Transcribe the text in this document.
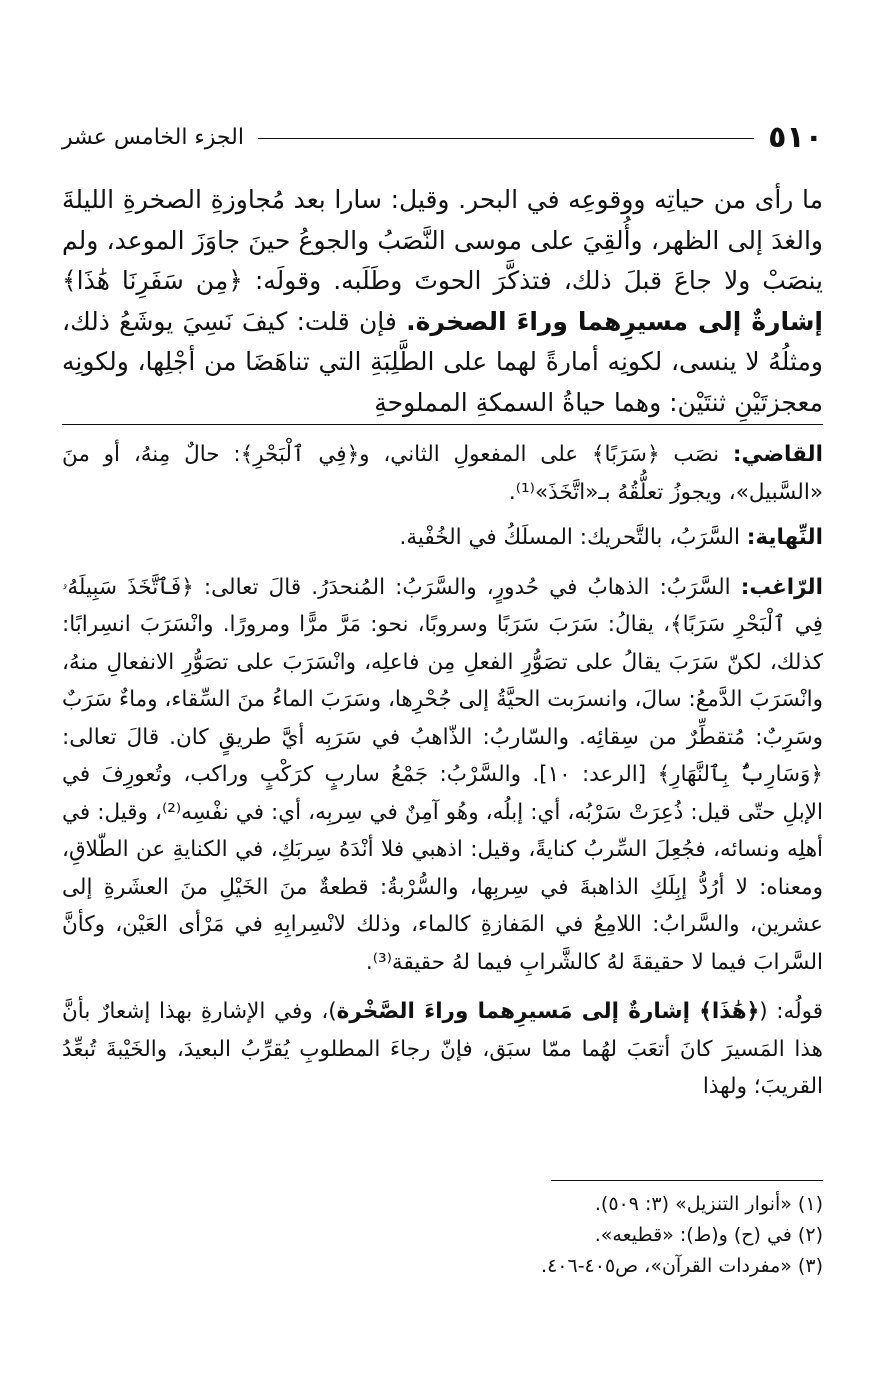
٥١٠
الجزء الخامس عشر
ما رأى من حياتِه ووقوعِه في البحر. وقيل: سارا بعد مُجاوزةِ الصخرةِ الليلةَ والغدَ إلى الظهر، وأُلقِيَ على موسى النَّصَبُ والجوعُ حينَ جاوَزَ الموعد، ولم ينصَبْ ولا جاعَ قبلَ ذلك، فتذكَّرَ الحوتَ وطَلَبه. وقولَه: ﴿مِن سَفَرِنَا هَٰذَا﴾ إشارةٌ إلى مسيرِهما وراءَ الصخرة. فإن قلت: كيفَ نَسِيَ يوشَعُ ذلك، ومثلُهُ لا ينسى، لكونِه أمارةً لهما على الطَّلِبَةِ التي تناهَضَا من أجْلِها، ولكونِه معجزتَيْنِ ثنتَيْن: وهما حياةُ السمكةِ المملوحةِ

القاضي: نصَب ﴿سَرَبًا﴾ على المفعولِ الثاني، و﴿فِي ٱلْبَحْرِ﴾: حالٌ مِنهُ، أو منَ «السَّبيل»، ويجوزُ تعلُّقُهُ بـ«اتَّخَذَ»⁽¹⁾.

النِّهاية: السَّرَبُ، بالتَّحريك: المسلَكُ في الخُفْية.

الرّاغب: السَّرَبُ: الذهابُ في حُدورٍ، والسَّرَبُ: المُنحدَرُ. قالَ تعالى: ﴿فَٱتَّخَذَ سَبِيلَهُۥ فِي ٱلْبَحْرِ سَرَبًا﴾، يقالُ: سَرَبَ سَرَبًا وسروبًا، نحو: مَرَّ مرًّا ومرورًا. وانْسَرَبَ انسِرابًا: كذلك، لكنّ سَرَبَ يقالُ على تصَوُّرِ الفعلِ مِن فاعلِه، وانْسَرَبَ على تصَوُّرِ الانفعالِ منهُ، وانْسَرَبَ الدَّمعُ: سالَ، وانسرَبت الحيَّةُ إلى جُحْرِها، وسَرَبَ الماءُ منَ السِّقاء، وماءٌ سَرَبٌ وسَرِبٌ: مُتقطِّرٌ من سِقائِه. والسّاربُ: الذّاهبُ في سَرَبِه أيَّ طريقٍ كان. قالَ تعالى: ﴿وَسَارِبٌۢ بِٱلنَّهَارِ﴾ [الرعد: ١٠]. والسَّرْبُ: جَمْعُ ساربٍ كرَكْبٍ وراكب، وتُعورِفَ في الإبلِ حتّى قيل: ذُعِرَتْ سَرْبُه، أي: إبلُه، وهُو آمِنٌ في سِربِه، أي: في نفْسِه⁽²⁾، وقيل: في أهلِه ونسائه، فجُعِلَ السِّربُ كنايةً، وقيل: اذهبي فلا أنْدَهُ سِربَكِ، في الكنايةِ عن الطّلاقِ، ومعناه: لا أرُدُّ إبِلَكِ الذاهبةَ في سِربِها، والسُّرْبةُ: قطعةٌ منَ الخَيْلِ منَ العشَرةِ إلى عشرين، والسَّرابُ: اللامِعُ في المَفازةِ كالماء، وذلك لانْسِرابِهِ في مَرْأى العَيْن، وكأنَّ السَّرابَ فيما لا حقيقةَ لهُ كالشَّرابِ فيما لهُ حقيقة⁽³⁾.

قولُه: (﴿هَٰذَا﴾ إشارةٌ إلى مَسيرِهما وراءَ الصَّخْرة)، وفي الإشارةِ بهذا إشعارٌ بأنَّ هذا المَسيرَ كانَ أتعَبَ لهُما ممّا سبَق، فإنّ رجاءَ المطلوبِ يُقرِّبُ البعيدَ، والخَيْبةَ تُبعِّدُ القريبَ؛ ولهذا

(١) «أنوار التنزيل» (٣: ٥٠٩).
(٢) في (ح) و(ط): «قطيعه».
(٣) «مفردات القرآن»، ص٤٠٥-٤٠٦.
